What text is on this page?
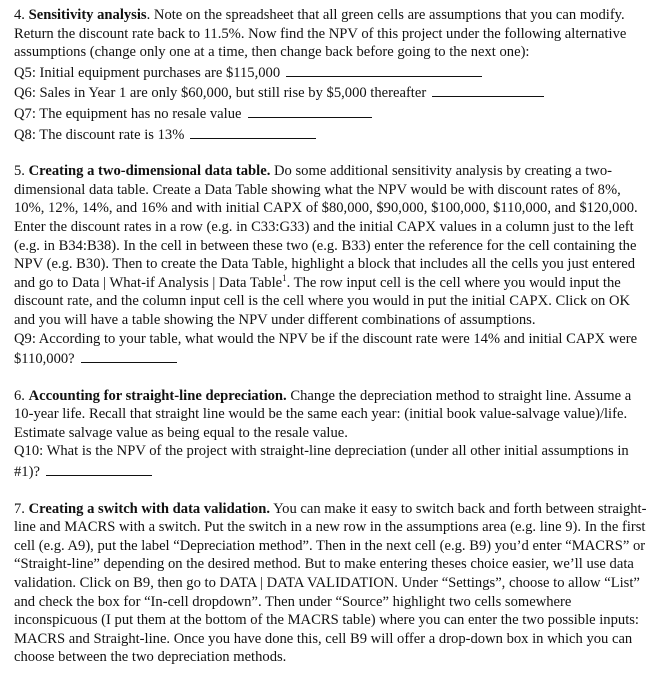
4. Sensitivity analysis. Note on the spreadsheet that all green cells are assumptions that you can modify. Return the discount rate back to 11.5%. Now find the NPV of this project under the following alternative assumptions (change only one at a time, then change back before going to the next one):

Q5: Initial equipment purchases are $115,000

Q6: Sales in Year 1 are only $60,000, but still rise by $5,000 thereafter

Q7: The equipment has no resale value

Q8: The discount rate is 13%

5. Creating a two-dimensional data table. Do some additional sensitivity analysis by creating a two-dimensional data table. Create a Data Table showing what the NPV would be with discount rates of 8%, 10%, 12%, 14%, and 16% and with initial CAPX of $80,000, $90,000, $100,000, $110,000, and $120,000. Enter the discount rates in a row (e.g. in C33:G33) and the initial CAPX values in a column just to the left (e.g. in B34:B38). In the cell in between these two (e.g. B33) enter the reference for the cell containing the NPV (e.g. B30). Then to create the Data Table, highlight a block that includes all the cells you just entered and go to Data | What-if Analysis | Data Table$^1$. The row input cell is the cell where you would input the discount rate, and the column input cell is the cell where you would in put the initial CAPX. Click on OK and you will have a table showing the NPV under different combinations of assumptions.

Q9: According to your table, what would the NPV be if the discount rate were 14% and initial CAPX were $110,000?

6. Accounting for straight-line depreciation. Change the depreciation method to straight line. Assume a 10-year life. Recall that straight line would be the same each year: (initial book value-salvage value)/life. Estimate salvage value as being equal to the resale value.

Q10: What is the NPV of the project with straight-line depreciation (under all other initial assumptions in #1)?

7. Creating a switch with data validation. You can make it easy to switch back and forth between straight-line and MACRS with a switch. Put the switch in a new row in the assumptions area (e.g. line 9). In the first cell (e.g. A9), put the label “Depreciation method”. Then in the next cell (e.g. B9) you’d enter “MACRS” or “Straight-line” depending on the desired method. But to make entering theses choice easier, we’ll use data validation. Click on B9, then go to DATA | DATA VALIDATION. Under “Settings”, choose to allow “List” and check the box for “In-cell dropdown”. Then under “Source” highlight two cells somewhere inconspicuous (I put them at the bottom of the MACRS table) where you can enter the two possible inputs: MACRS and Straight-line. Once you have done this, cell B9 will offer a drop-down box in which you can choose between the two depreciation methods.
